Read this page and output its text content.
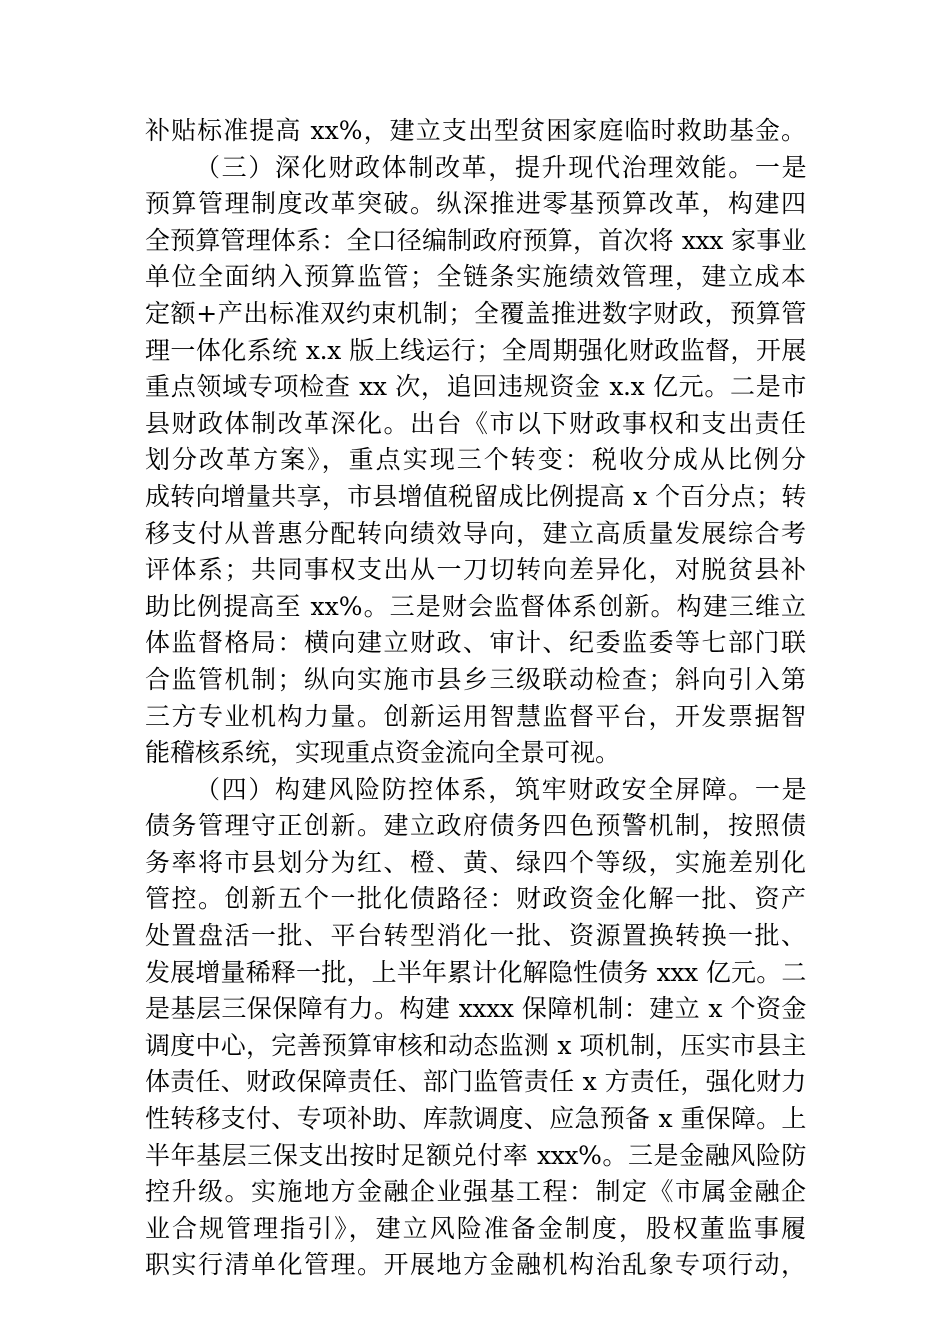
补贴标准提高 xx%，建立支出型贫困家庭临时救助基金。
（三）深化财政体制改革，提升现代治理效能。一是
预算管理制度改革突破。纵深推进零基预算改革，构建四
全预算管理体系：全口径编制政府预算，首次将 xxx 家事业
单位全面纳入预算监管；全链条实施绩效管理，建立成本
定额+产出标准双约束机制；全覆盖推进数字财政，预算管
理一体化系统 x.x 版上线运行；全周期强化财政监督，开展
重点领域专项检查 xx 次，追回违规资金 x.x 亿元。二是市
县财政体制改革深化。出台《市以下财政事权和支出责任
划分改革方案》，重点实现三个转变：税收分成从比例分
成转向增量共享，市县增值税留成比例提高 x 个百分点；转
移支付从普惠分配转向绩效导向，建立高质量发展综合考
评体系；共同事权支出从一刀切转向差异化，对脱贫县补
助比例提高至 xx%。三是财会监督体系创新。构建三维立
体监督格局：横向建立财政、审计、纪委监委等七部门联
合监管机制；纵向实施市县乡三级联动检查；斜向引入第
三方专业机构力量。创新运用智慧监督平台，开发票据智
能稽核系统，实现重点资金流向全景可视。
（四）构建风险防控体系，筑牢财政安全屏障。一是
债务管理守正创新。建立政府债务四色预警机制，按照债
务率将市县划分为红、橙、黄、绿四个等级，实施差别化
管控。创新五个一批化债路径：财政资金化解一批、资产
处置盘活一批、平台转型消化一批、资源置换转换一批、
发展增量稀释一批，上半年累计化解隐性债务 xxx 亿元。二
是基层三保保障有力。构建 xxxx 保障机制：建立 x 个资金
调度中心，完善预算审核和动态监测 x 项机制，压实市县主
体责任、财政保障责任、部门监管责任 x 方责任，强化财力
性转移支付、专项补助、库款调度、应急预备 x 重保障。上
半年基层三保支出按时足额兑付率 xxx%。三是金融风险防
控升级。实施地方金融企业强基工程：制定《市属金融企
业合规管理指引》，建立风险准备金制度，股权董监事履
职实行清单化管理。开展地方金融机构治乱象专项行动，
